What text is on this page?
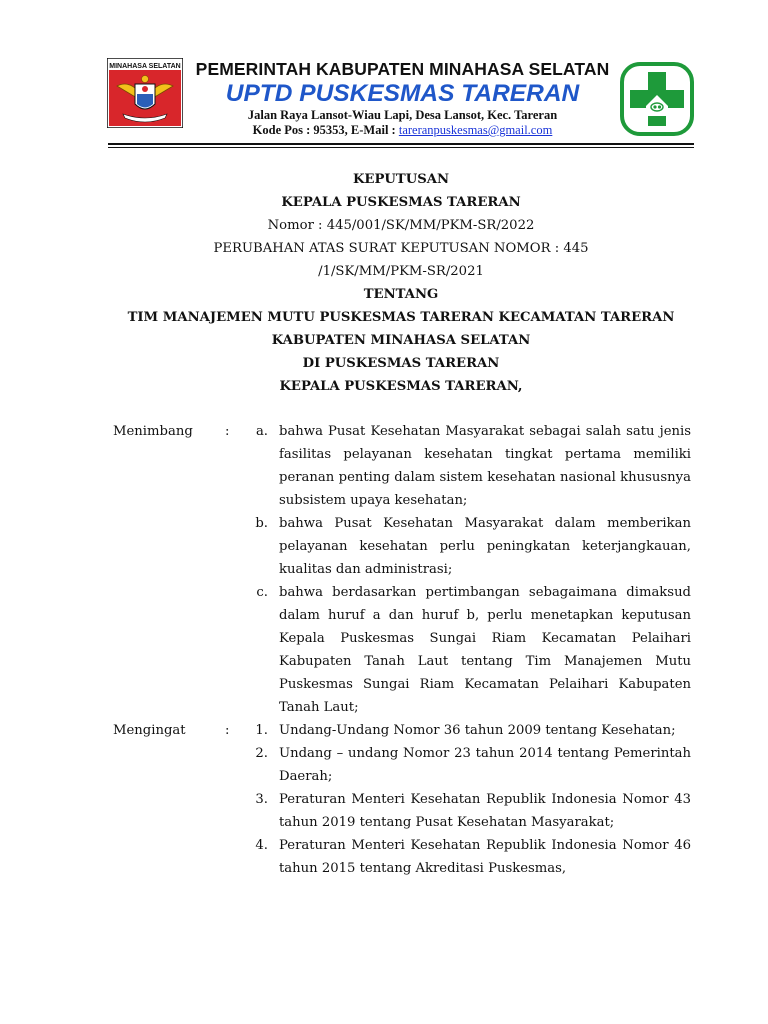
MINAHASA SELATAN PEMERINTAH KABUPATEN MINAHASA SELATAN
UPTD PUSKESMAS TARERAN
Jalan Raya Lansot-Wiau Lapi, Desa Lansot, Kec. Tareran
Kode Pos : 95353, E-Mail : tareranpuskesmas@gmail.com
KEPUTUSAN
KEPALA PUSKESMAS TARERAN
Nomor : 445/001/SK/MM/PKM-SR/2022
PERUBAHAN ATAS SURAT KEPUTUSAN NOMOR : 445
/1/SK/MM/PKM-SR/2021
TENTANG
TIM MANAJEMEN MUTU PUSKESMAS TARERAN KECAMATAN TARERAN
KABUPATEN MINAHASA SELATAN
DI PUSKESMAS TARERAN
KEPALA PUSKESMAS TARERAN,
Menimbang	:	a. bahwa Pusat Kesehatan Masyarakat sebagai salah satu jenis fasilitas pelayanan kesehatan tingkat pertama memiliki peranan penting dalam sistem kesehatan nasional khususnya subsistem upaya kesehatan;
b. bahwa Pusat Kesehatan Masyarakat dalam memberikan pelayanan kesehatan perlu peningkatan keterjangkauan, kualitas dan administrasi;
c. bahwa berdasarkan pertimbangan sebagaimana dimaksud dalam huruf a dan huruf b, perlu menetapkan keputusan Kepala Puskesmas Sungai Riam Kecamatan Pelaihari Kabupaten Tanah Laut tentang Tim Manajemen Mutu Puskesmas Sungai Riam Kecamatan Pelaihari Kabupaten Tanah Laut;
Mengingat	:	1. Undang-Undang Nomor 36 tahun 2009 tentang Kesehatan;
2. Undang – undang Nomor 23 tahun 2014 tentang Pemerintah Daerah;
3. Peraturan Menteri Kesehatan Republik Indonesia Nomor 43 tahun 2019 tentang Pusat Kesehatan Masyarakat;
4. Peraturan Menteri Kesehatan Republik Indonesia Nomor 46 tahun 2015 tentang Akreditasi Puskesmas,
